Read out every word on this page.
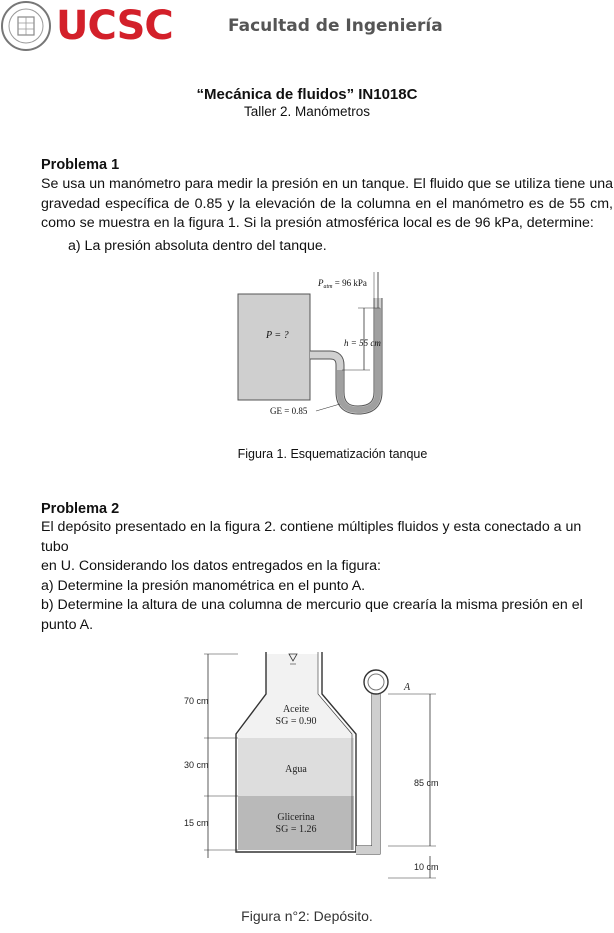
UCSC	Facultad de Ingeniería
“Mecánica de fluidos” IN1018C
Taller 2. Manómetros
Problema 1
Se usa un manómetro para medir la presión en un tanque. El fluido que se utiliza tiene una gravedad específica de 0.85 y la elevación de la columna en el manómetro es de 55 cm, como se muestra en la figura 1. Si la presión atmosférica local es de 96 kPa, determine:
a) La presión absoluta dentro del tanque.
$P_{atm} = 96$ kPa
P = ?
h = 55 cm
GE = 0.85
Figura 1. Esquematización tanque
Problema 2
El depósito presentado en la figura 2. contiene múltiples fluidos y esta conectado a un
tubo
en U. Considerando los datos entregados en la figura:
a) Determine la presión manométrica en el punto A.
b) Determine la altura de una columna de mercurio que crearía la misma presión en el
punto A.
70 cm
30 cm
15 cm
85 cm
10 cm
A
Aceite
SG = 0.90
Agua
Glicerina
SG = 1.26
Figura n°2: Depósito.
